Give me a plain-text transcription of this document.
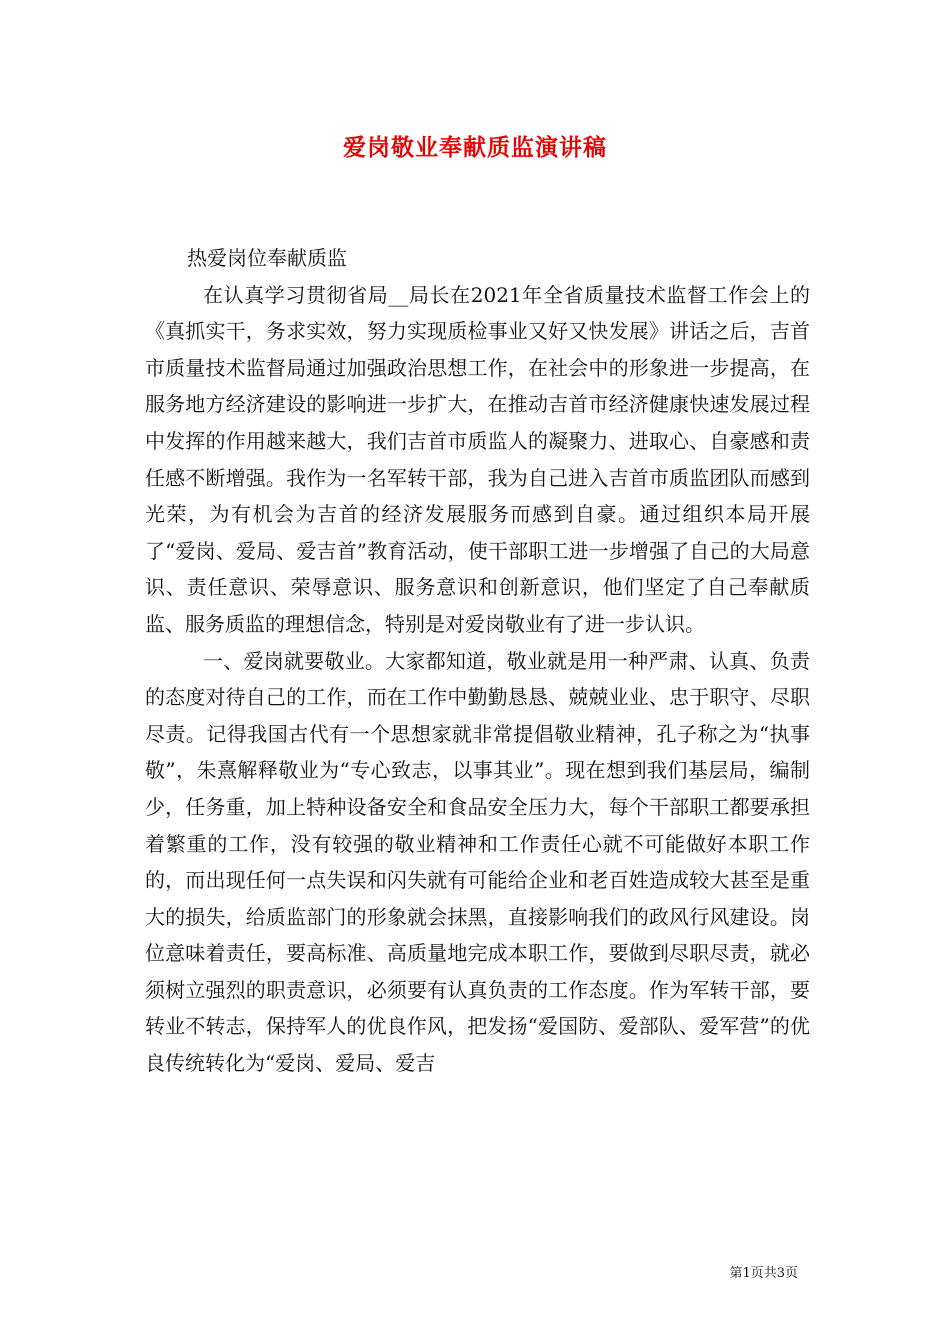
爱岗敬业奉献质监演讲稿

热爱岗位奉献质监

在认真学习贯彻省局__局长在2021年全省质量技术监督工作会上的《真抓实干，务求实效，努力实现质检事业又好又快发展》讲话之后，吉首市质量技术监督局通过加强政治思想工作，在社会中的形象进一步提高，在服务地方经济建设的影响进一步扩大，在推动吉首市经济健康快速发展过程中发挥的作用越来越大，我们吉首市质监人的凝聚力、进取心、自豪感和责任感不断增强。我作为一名军转干部，我为自己进入吉首市质监团队而感到光荣，为有机会为吉首的经济发展服务而感到自豪。通过组织本局开展了“爱岗、爱局、爱吉首”教育活动，使干部职工进一步增强了自己的大局意识、责任意识、荣辱意识、服务意识和创新意识，他们坚定了自己奉献质监、服务质监的理想信念，特别是对爱岗敬业有了进一步认识。

一、爱岗就要敬业。大家都知道，敬业就是用一种严肃、认真、负责的态度对待自己的工作，而在工作中勤勤恳恳、兢兢业业、忠于职守、尽职尽责。记得我国古代有一个思想家就非常提倡敬业精神，孔子称之为“执事敬”，朱熹解释敬业为“专心致志，以事其业”。现在想到我们基层局，编制少，任务重，加上特种设备安全和食品安全压力大，每个干部职工都要承担着繁重的工作，没有较强的敬业精神和工作责任心就不可能做好本职工作的，而出现任何一点失误和闪失就有可能给企业和老百姓造成较大甚至是重大的损失，给质监部门的形象就会抹黑，直接影响我们的政风行风建设。岗位意味着责任，要高标准、高质量地完成本职工作，要做到尽职尽责，就必须树立强烈的职责意识，必须要有认真负责的工作态度。作为军转干部，要转业不转志，保持军人的优良作风，把发扬“爱国防、爱部队、爱军营”的优良传统转化为“爱岗、爱局、爱吉

第1页共3页
